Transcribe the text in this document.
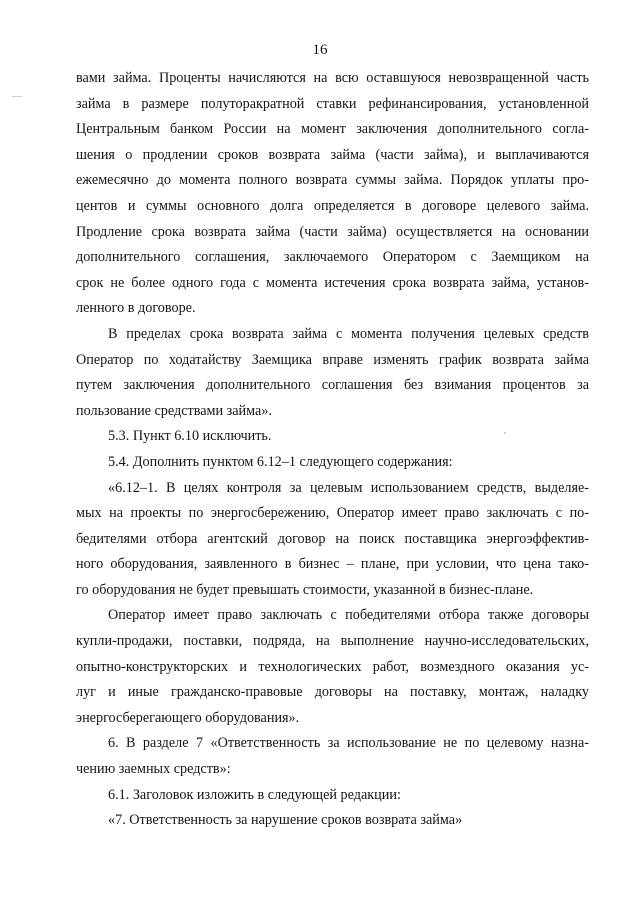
16

вами займа. Проценты начисляются на всю оставшуюся невозвращенной часть
займа в размере полуторакратной ставки рефинансирования, установленной
Центральным банком России на момент заключения дополнительного согла-
шения о продлении сроков возврата займа (части займа), и выплачиваются
ежемесячно до момента полного возврата суммы займа. Порядок уплаты про-
центов и суммы основного долга определяется в договоре целевого займа.
Продление срока возврата займа (части займа) осуществляется на основании
дополнительного соглашения, заключаемого Оператором с Заемщиком на
срок не более одного года с момента истечения срока возврата займа, установ-
ленного в договоре.

В пределах срока возврата займа с момента получения целевых средств
Оператор по ходатайству Заемщика вправе изменять график возврата займа
путем заключения дополнительного соглашения без взимания процентов за
пользование средствами займа».

5.3. Пункт 6.10 исключить.

5.4. Дополнить пунктом 6.12–1 следующего содержания:

«6.12–1. В целях контроля за целевым использованием средств, выделяе-
мых на проекты по энергосбережению, Оператор имеет право заключать с по-
бедителями отбора агентский договор на поиск поставщика энергоэффектив-
ного оборудования, заявленного в бизнес – плане, при условии, что цена тако-
го оборудования не будет превышать стоимости, указанной в бизнес-плане.

Оператор имеет право заключать с победителями отбора также договоры
купли-продажи, поставки, подряда, на выполнение научно-исследовательских,
опытно-конструкторских и технологических работ, возмездного оказания ус-
луг и иные гражданско-правовые договоры на поставку, монтаж, наладку
энергосберегающего оборудования».

6. В разделе 7 «Ответственность за использование не по целевому назна-
чению заемных средств»:

6.1. Заголовок изложить в следующей редакции:

«7. Ответственность за нарушение сроков возврата займа»
